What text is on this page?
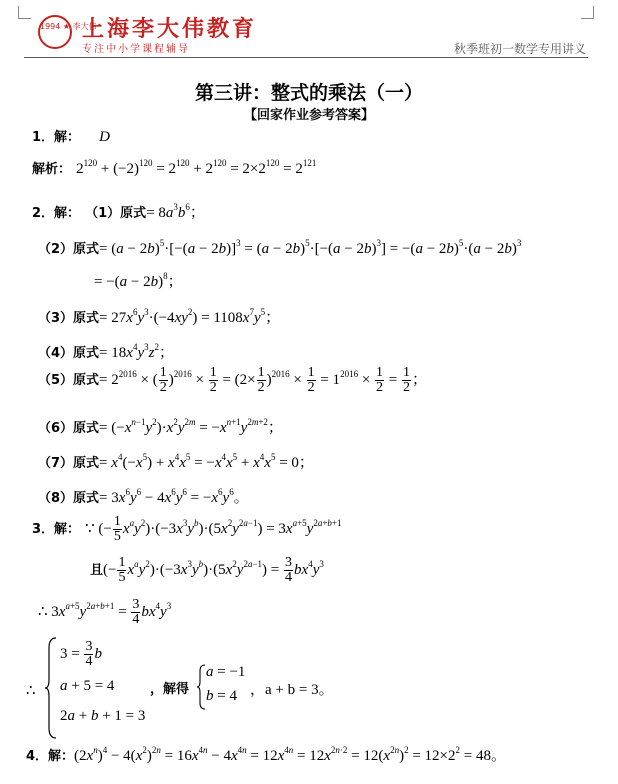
1994 ★ 李大伟
上海李大伟教育
专注中小学课程辅导	秋季班初一数学专用讲义
第三讲：整式的乘法（一）
【回家作业参考答案】
1．解： D
解析： $2^{120} + (-2)^{120} = 2^{120} + 2^{120} = 2\times 2^{120} = 2^{121}$
2．解： （1）原式= $8a^3b^6$；
（2）原式= $(a - 2b)^5\cdot[-(a - 2b)]^3 = (a - 2b)^5\cdot[-(a - 2b)^3] = -(a - 2b)^5\cdot(a - 2b)^3$
= $-(a - 2b)^8$；
（3）原式= $27x^6y^3\cdot(-4xy^2) = 1108x^7y^5$；
（4）原式= $18x^4y^3z^2$；
（5）原式= $2^{2016}$ × ( $\frac{1}{2} )^{2016} \times \frac{1}{2} = (2\times \frac{1}{2} )^{2016} \times \frac{1}{2} = 1^{2016} \times \frac{1}{2} = \frac{1}{2}$ ；
（6）原式= $(-x^{n-1}y^2)\cdot x^2y^{2m} = -x^{n+1}y^{2m+2}$；
（7）原式= $x^4(-x^5) + x^4x^5 = -x^4x^5 + x^4x^5 = 0$；
（8）原式= $3x^6y^6 - 4x^6y^6 = -x^6y^6$。
3．解： ∵ (− $\frac{1}{5} x^ay^2)\cdot(-3x^3y^b)\cdot(5x^2y^{2a-1}) = 3x^{a+5}y^{2a+b+1}$
且(− $\frac{1}{5} x^ay^2)\cdot(-3x^3y^b)\cdot(5x^2y^{2a-1}) = \frac{3}{4} bx^4y^3$
∴ $3x^{a+5}y^{2a+b+1} = \frac{3}{4} bx^4y^3$
∴
$3 = \frac{3}{4}$ b
a + 5 = 4
2a + b + 1 = 3
，解得
a = −1
b = 4 ，a + b = 3。
4．解：$(2x^n)^4 - 4(x^2)^{2n} = 16x^{4n} - 4x^{4n} = 12x^{4n} = 12x^{2n\cdot 2} = 12(x^{2n})^2 = 12\times 2^2 = 48$。
